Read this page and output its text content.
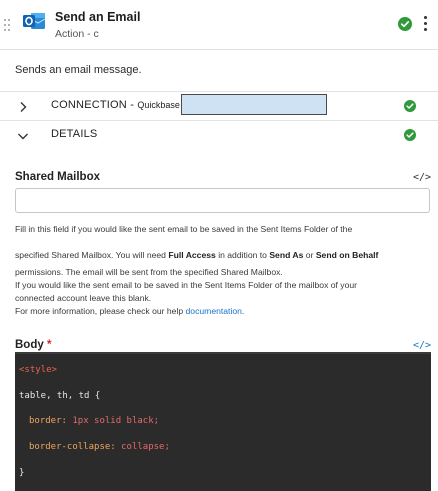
Send an Email
Action - c
Sends an email message.
CONNECTION - Quickbase
DETAILS
Shared Mailbox	</>
Fill in this field if you would like the sent email to be saved in the Sent Items Folder of the
specified Shared Mailbox. You will need Full Access in addition to Send As or Send on Behalf
permissions. The email will be sent from the specified Shared Mailbox.
If you would like the sent email to be saved in the Sent Items Folder of the mailbox of your
connected account leave this blank.
For more information, please check our help documentation.
Body *	</>
<style>
table, th, td {
border: 1px solid black;
border-collapse: collapse;
}
